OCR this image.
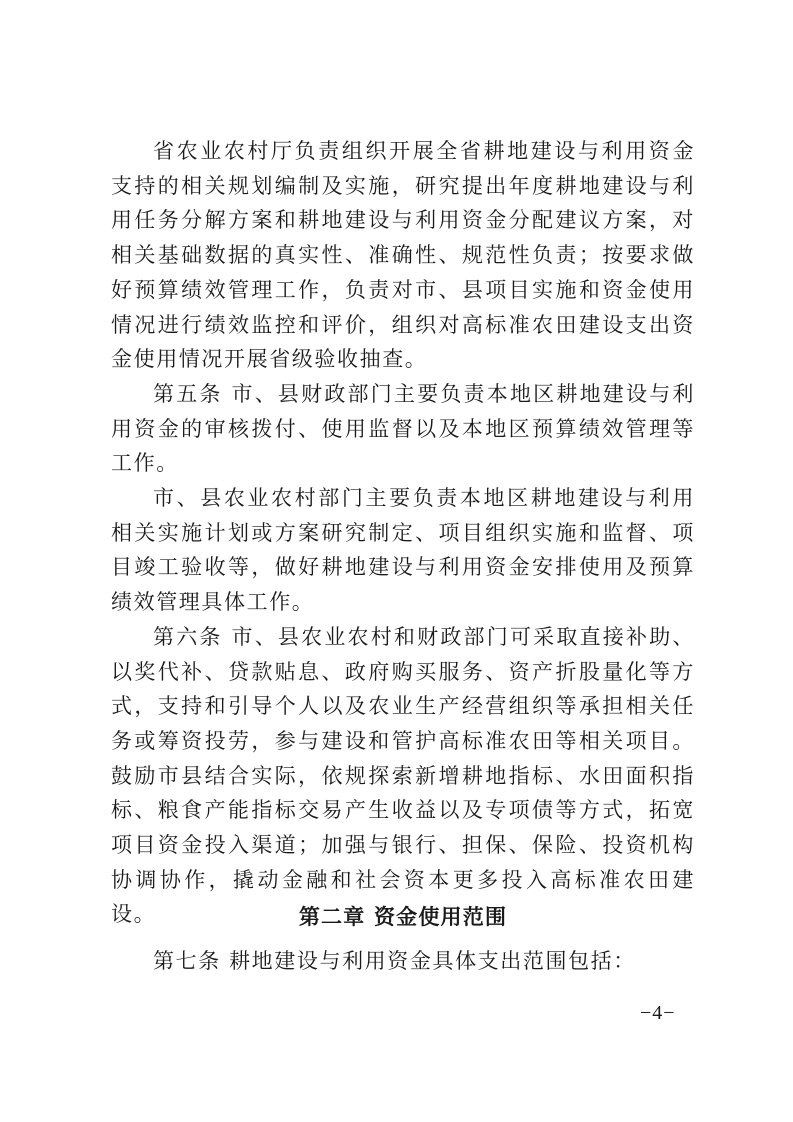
省农业农村厅负责组织开展全省耕地建设与利用资金支持的相关规划编制及实施，研究提出年度耕地建设与利用任务分解方案和耕地建设与利用资金分配建议方案，对相关基础数据的真实性、准确性、规范性负责；按要求做好预算绩效管理工作，负责对市、县项目实施和资金使用情况进行绩效监控和评价，组织对高标准农田建设支出资金使用情况开展省级验收抽查。

第五条 市、县财政部门主要负责本地区耕地建设与利用资金的审核拨付、使用监督以及本地区预算绩效管理等工作。

市、县农业农村部门主要负责本地区耕地建设与利用相关实施计划或方案研究制定、项目组织实施和监督、项目竣工验收等，做好耕地建设与利用资金安排使用及预算绩效管理具体工作。

第六条 市、县农业农村和财政部门可采取直接补助、以奖代补、贷款贴息、政府购买服务、资产折股量化等方式，支持和引导个人以及农业生产经营组织等承担相关任务或筹资投劳，参与建设和管护高标准农田等相关项目。鼓励市县结合实际，依规探索新增耕地指标、水田面积指标、粮食产能指标交易产生收益以及专项债等方式，拓宽项目资金投入渠道；加强与银行、担保、保险、投资机构协调协作，撬动金融和社会资本更多投入高标准农田建设。	第二章 资金使用范围

第七条 耕地建设与利用资金具体支出范围包括：

−4−
